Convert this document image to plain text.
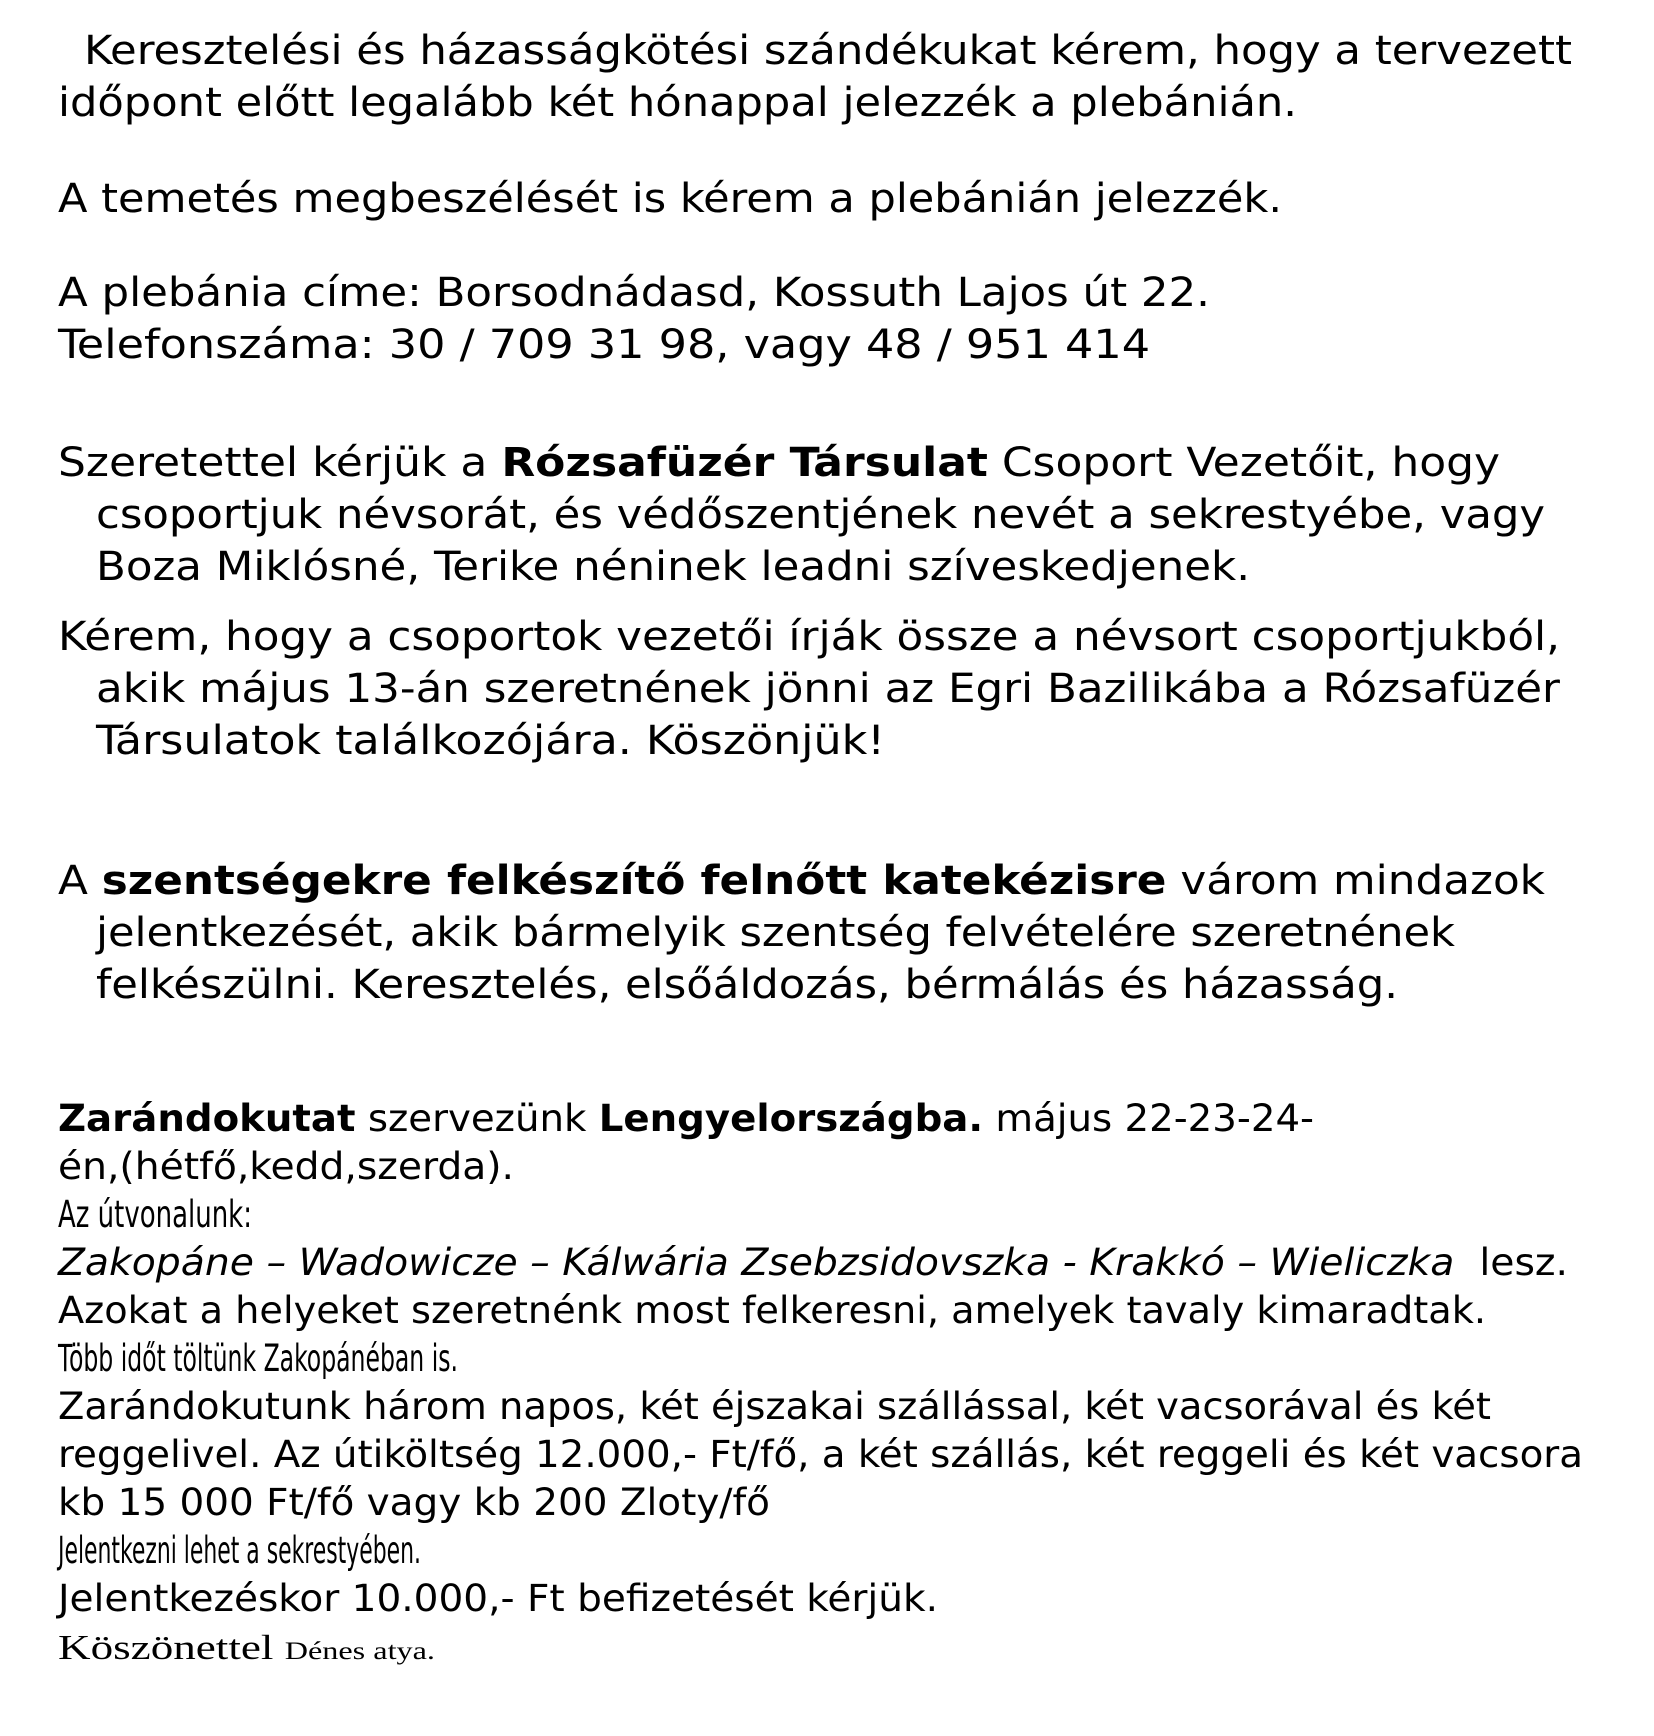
Keresztelési és házasságkötési szándékukat kérem, hogy a tervezett
időpont előtt legalább két hónappal jelezzék a plebánián.
A temetés megbeszélését is kérem a plebánián jelezzék.
A plebánia címe: Borsodnádasd, Kossuth Lajos út 22.
Telefonszáma: 30 / 709 31 98, vagy 48 / 951 414
Szeretettel kérjük a Rózsafüzér Társulat Csoport Vezetőit, hogy
csoportjuk névsorát, és védőszentjének nevét a sekrestyébe, vagy
Boza Miklósné, Terike néninek leadni szíveskedjenek.
Kérem, hogy a csoportok vezetői írják össze a névsort csoportjukból,
akik május 13-án szeretnének jönni az Egri Bazilikába a Rózsafüzér
Társulatok találkozójára. Köszönjük!
A szentségekre felkészítő felnőtt katekézisre várom mindazok
jelentkezését, akik bármelyik szentség felvételére szeretnének
felkészülni. Keresztelés, elsőáldozás, bérmálás és házasság.
Zarándokutat szervezünk Lengyelországba. május 22-23-24-
én,(hétfő,kedd,szerda).
Az útvonalunk:
Zakopáne – Wadowicze – Kálwária Zsebzsidovszka - Krakkó – Wieliczka  lesz.
Azokat a helyeket szeretnénk most felkeresni, amelyek tavaly kimaradtak.
Több időt töltünk Zakopánéban is.
Zarándokutunk három napos, két éjszakai szállással, két vacsorával és két
reggelivel. Az útiköltség 12.000,- Ft/fő, a két szállás, két reggeli és két vacsora
kb 15 000 Ft/fő vagy kb 200 Zloty/fő
Jelentkezni lehet a sekrestyében.
Jelentkezéskor 10.000,- Ft befizetését kérjük.
Köszönettel Dénes atya.
